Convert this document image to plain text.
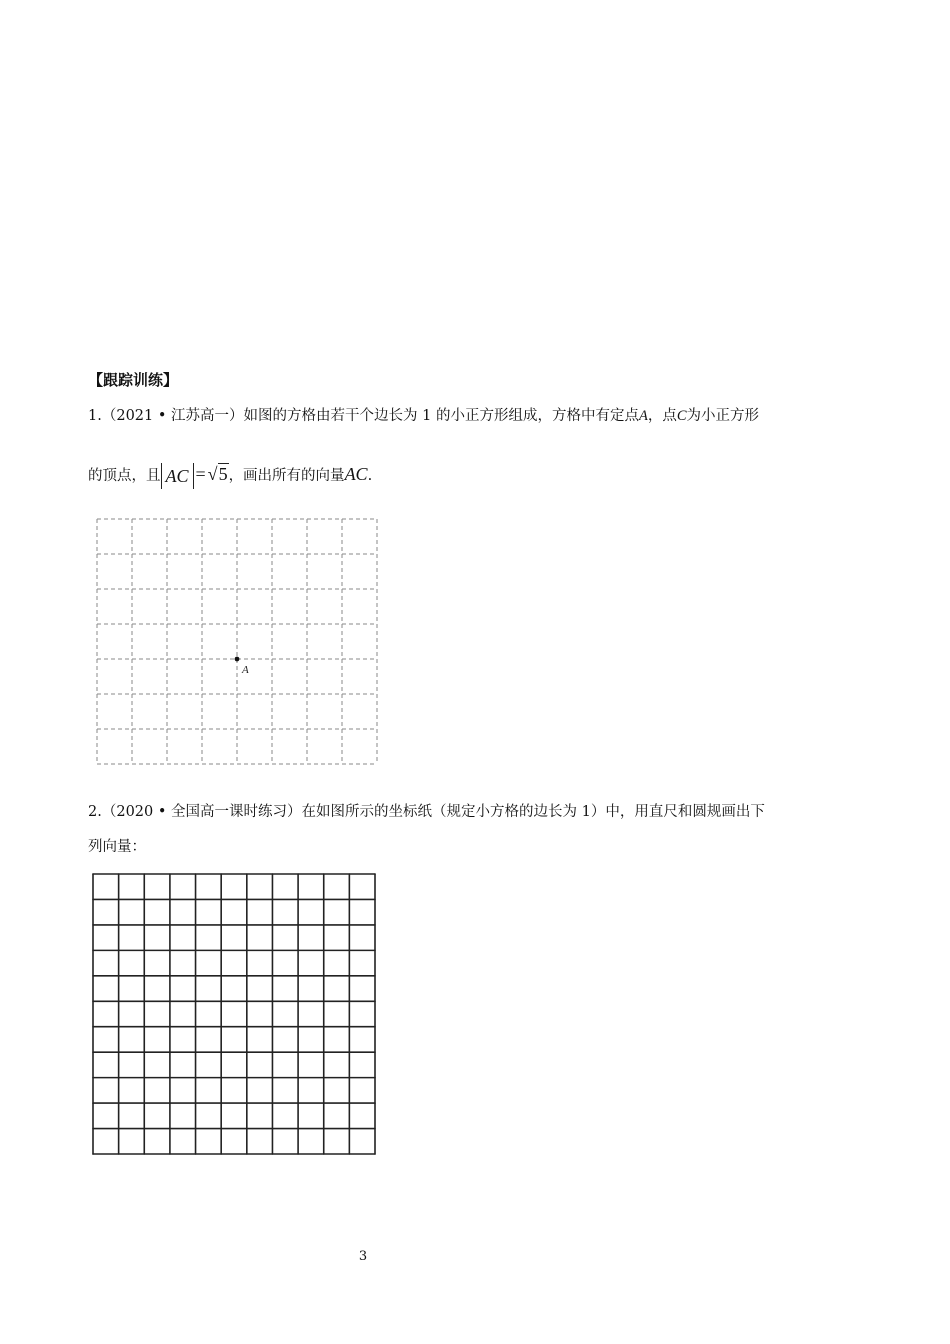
【跟踪训练】
1.（2021 • 江苏高一）如图的方格由若干个边长为 1 的小正方形组成，方格中有定点A，点C为小正方形
的顶点，且 AC = √5，画出所有的向量AC.
A
2.（2020 • 全国高一课时练习）在如图所示的坐标纸（规定小方格的边长为 1）中，用直尺和圆规画出下
列向量：
3
